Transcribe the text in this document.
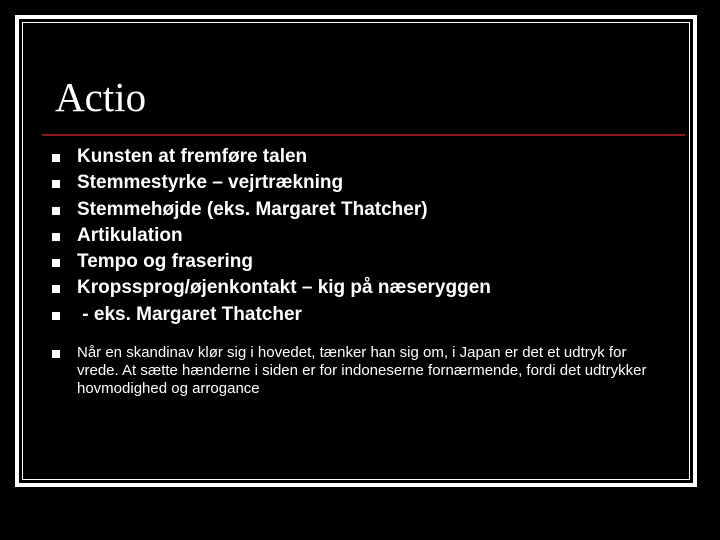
Actio
Kunsten at fremføre talen
Stemmestyrke – vejrtrækning
Stemmehøjde (eks. Margaret Thatcher)
Artikulation
Tempo og frasering
Kropssprog/øjenkontakt – kig på næseryggen
- eks. Margaret Thatcher
Når en skandinav klør sig i hovedet, tænker han sig om, i Japan er det et udtryk for vrede. At sætte hænderne i siden er for indoneserne fornærmende, fordi det udtrykker hovmodighed og arrogance
